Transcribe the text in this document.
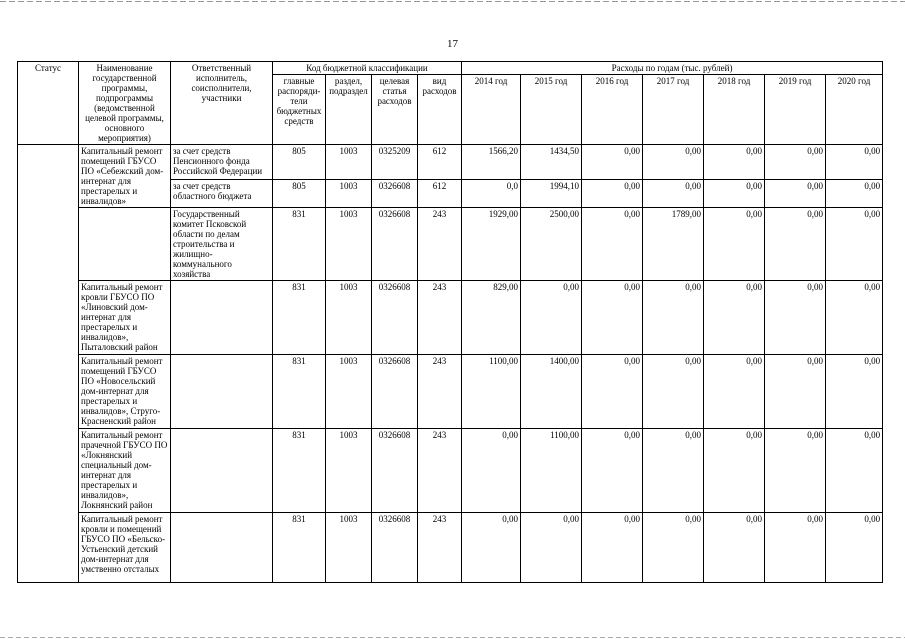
17
Статус	Наименование государственной программы, подпрограммы (ведомственной целевой программы, основного мероприятия)	Ответственный исполнитель, соисполнители, участники	Код бюджетной классификации				Расходы по годам (тыс. рублей)						
			главные распоряди-тели бюджетных средств	раздел, подраздел	целевая статья расходов	вид расходов	2014 год	2015 год	2016 год	2017 год	2018 год	2019 год	2020 год
	Капитальный ремонт помещений ГБУСО ПО «Себежский дом-интернат для престарелых и инвалидов»	за счет средств Пенсионного фонда Российской Федерации	805	1003	0325209	612	1566,20	1434,50	0,00	0,00	0,00	0,00	0,00
		за счет средств областного бюджета	805	1003	0326608	612	0,0	1994,10	0,00	0,00	0,00	0,00	0,00
		Государственный комитет Псковской области по делам строительства и жилищно-коммунального хозяйства	831	1003	0326608	243	1929,00	2500,00	0,00	1789,00	0,00	0,00	0,00
	Капитальный ремонт кровли ГБУСО ПО «Линовский дом-интернат для престарелых и инвалидов», Пыталовский район		831	1003	0326608	243	829,00	0,00	0,00	0,00	0,00	0,00	0,00
	Капитальный ремонт помещений ГБУСО ПО «Новосельский дом-интернат для престарелых и инвалидов», Струго-Красненский район		831	1003	0326608	243	1100,00	1400,00	0,00	0,00	0,00	0,00	0,00
	Капитальный ремонт прачечной ГБУСО ПО «Локнянский специальный дом-интернат для престарелых и инвалидов», Локнянский район		831	1003	0326608	243	0,00	1100,00	0,00	0,00	0,00	0,00	0,00
	Капитальный ремонт кровли и помещений ГБУСО ПО «Бельско-Устьенский детский дом-интернат для умственно отсталых		831	1003	0326608	243	0,00	0,00	0,00	0,00	0,00	0,00	0,00
